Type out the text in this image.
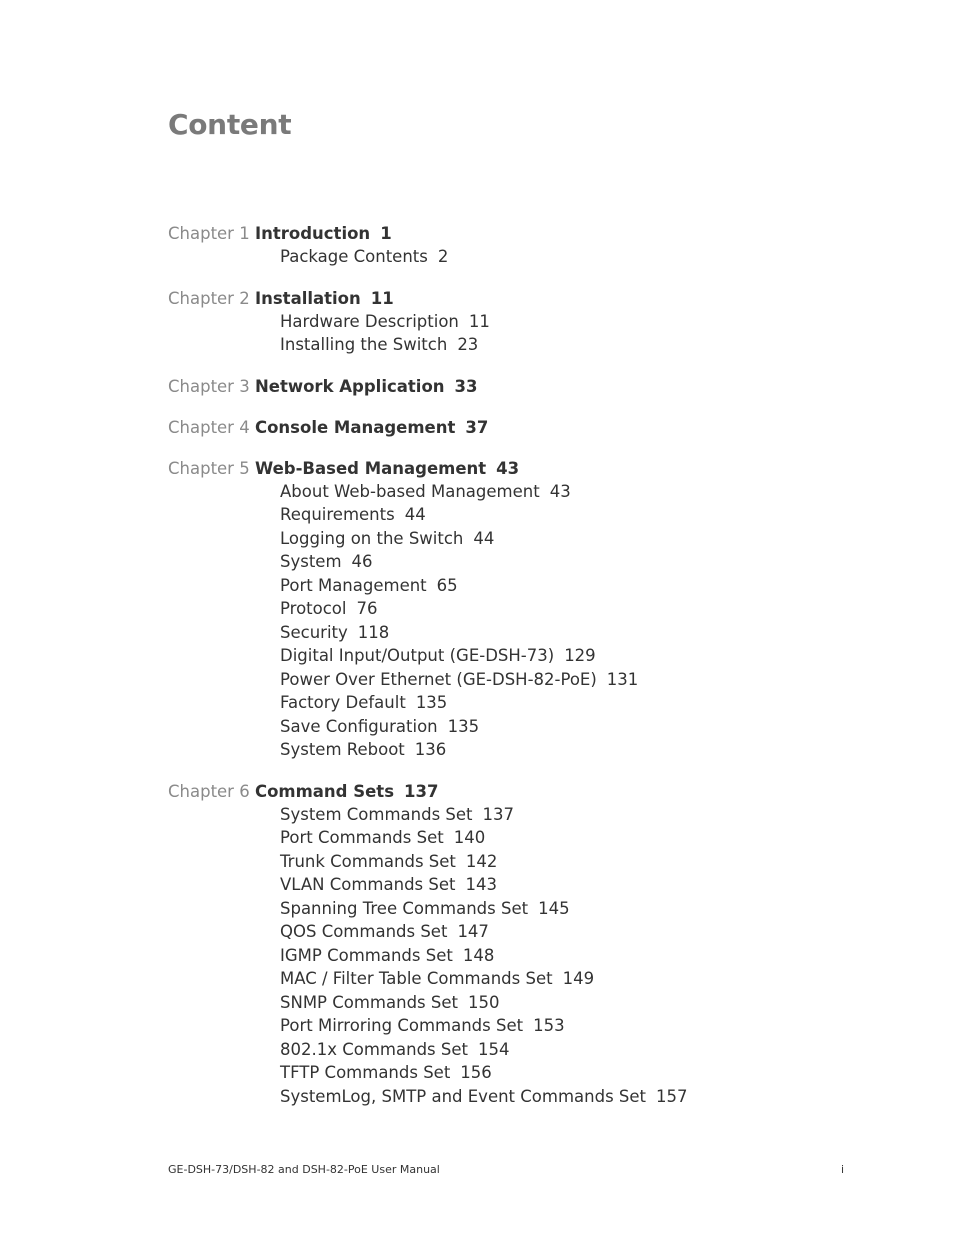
Content
Chapter 1 Introduction 1
Package Contents 2
Chapter 2 Installation 11
Hardware Description 11
Installing the Switch 23
Chapter 3 Network Application 33
Chapter 4 Console Management 37
Chapter 5 Web-Based Management 43
About Web-based Management 43
Requirements 44
Logging on the Switch 44
System 46
Port Management 65
Protocol 76
Security 118
Digital Input/Output (GE-DSH-73) 129
Power Over Ethernet (GE-DSH-82-PoE) 131
Factory Default 135
Save Configuration 135
System Reboot 136
Chapter 6 Command Sets 137
System Commands Set 137
Port Commands Set 140
Trunk Commands Set 142
VLAN Commands Set 143
Spanning Tree Commands Set 145
QOS Commands Set 147
IGMP Commands Set 148
MAC / Filter Table Commands Set 149
SNMP Commands Set 150
Port Mirroring Commands Set 153
802.1x Commands Set 154
TFTP Commands Set 156
SystemLog, SMTP and Event Commands Set 157
GE-DSH-73/DSH-82 and DSH-82-PoE User Manual	i
